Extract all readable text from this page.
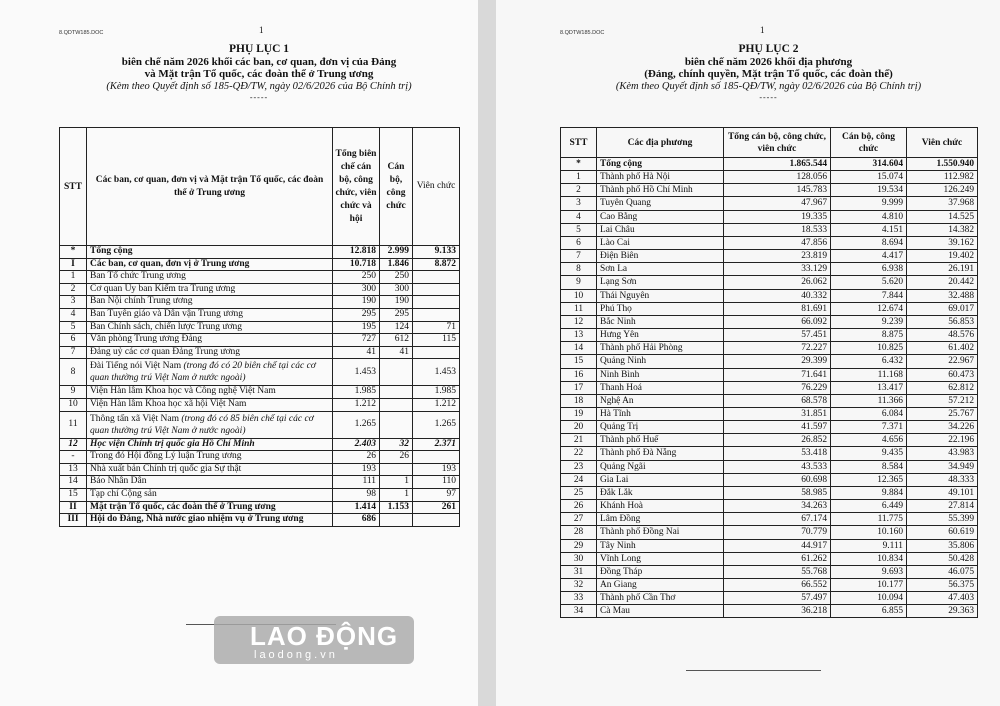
8.QDTW185.DOC	1
PHỤ LỤC 1
biên chế năm 2026 khối các ban, cơ quan, đơn vị của Đảng
và Mặt trận Tổ quốc, các đoàn thể ở Trung ương
(Kèm theo Quyết định số 185-QĐ/TW, ngày 02/6/2026 của Bộ Chính trị)
-----
STT	Các ban, cơ quan, đơn vị và Mặt trận Tổ quốc, các đoàn thể ở Trung ương	Tổng biên chế cán bộ, công chức, viên chức và hội	Cán bộ, công chức	Viên chức
*	Tổng cộng	12.818	2.999	9.133
I	Các ban, cơ quan, đơn vị ở Trung ương	10.718	1.846	8.872
1	Ban Tổ chức Trung ương	250	250	
2	Cơ quan Ủy ban Kiểm tra Trung ương	300	300	
3	Ban Nội chính Trung ương	190	190	
4	Ban Tuyên giáo và Dân vận Trung ương	295	295	
5	Ban Chính sách, chiến lược Trung ương	195	124	71
6	Văn phòng Trung ương Đảng	727	612	115
7	Đảng uỷ các cơ quan Đảng Trung ương	41	41	
8	Đài Tiếng nói Việt Nam (trong đó có 20 biên chế tại các cơ quan thường trú Việt Nam ở nước ngoài)	1.453		1.453
9	Viện Hàn lâm Khoa học và Công nghệ Việt Nam	1.985		1.985
10	Viện Hàn lâm Khoa học xã hội Việt Nam	1.212		1.212
11	Thông tấn xã Việt Nam (trong đó có 85 biên chế tại các cơ quan thường trú Việt Nam ở nước ngoài)	1.265		1.265
12	Học viện Chính trị quốc gia Hồ Chí Minh	2.403	32	2.371
-	Trong đó Hội đồng Lý luận Trung ương	26	26	
13	Nhà xuất bản Chính trị quốc gia Sự thật	193		193
14	Báo Nhân Dân	111	1	110
15	Tạp chí Cộng sản	98	1	97
II	Mặt trận Tổ quốc, các đoàn thể ở Trung ương	1.414	1.153	261
III	Hội do Đảng, Nhà nước giao nhiệm vụ ở Trung ương	686		
LAO ĐỘNG
laodong.vn
8.QDTW185.DOC	1
PHỤ LỤC 2
biên chế năm 2026 khối địa phương
(Đảng, chính quyền, Mặt trận Tổ quốc, các đoàn thể)
(Kèm theo Quyết định số 185-QĐ/TW, ngày 02/6/2026 của Bộ Chính trị)
-----
STT	Các địa phương	Tổng cán bộ, công chức, viên chức	Cán bộ, công chức	Viên chức
*	Tổng cộng	1.865.544	314.604	1.550.940
1	Thành phố Hà Nội	128.056	15.074	112.982
2	Thành phố Hồ Chí Minh	145.783	19.534	126.249
3	Tuyên Quang	47.967	9.999	37.968
4	Cao Bằng	19.335	4.810	14.525
5	Lai Châu	18.533	4.151	14.382
6	Lào Cai	47.856	8.694	39.162
7	Điện Biên	23.819	4.417	19.402
8	Sơn La	33.129	6.938	26.191
9	Lạng Sơn	26.062	5.620	20.442
10	Thái Nguyên	40.332	7.844	32.488
11	Phú Thọ	81.691	12.674	69.017
12	Bắc Ninh	66.092	9.239	56.853
13	Hưng Yên	57.451	8.875	48.576
14	Thành phố Hải Phòng	72.227	10.825	61.402
15	Quảng Ninh	29.399	6.432	22.967
16	Ninh Bình	71.641	11.168	60.473
17	Thanh Hoá	76.229	13.417	62.812
18	Nghệ An	68.578	11.366	57.212
19	Hà Tĩnh	31.851	6.084	25.767
20	Quảng Trị	41.597	7.371	34.226
21	Thành phố Huế	26.852	4.656	22.196
22	Thành phố Đà Nẵng	53.418	9.435	43.983
23	Quảng Ngãi	43.533	8.584	34.949
24	Gia Lai	60.698	12.365	48.333
25	Đắk Lắk	58.985	9.884	49.101
26	Khánh Hoà	34.263	6.449	27.814
27	Lâm Đồng	67.174	11.775	55.399
28	Thành phố Đồng Nai	70.779	10.160	60.619
29	Tây Ninh	44.917	9.111	35.806
30	Vĩnh Long	61.262	10.834	50.428
31	Đồng Tháp	55.768	9.693	46.075
32	An Giang	66.552	10.177	56.375
33	Thành phố Cần Thơ	57.497	10.094	47.403
34	Cà Mau	36.218	6.855	29.363
